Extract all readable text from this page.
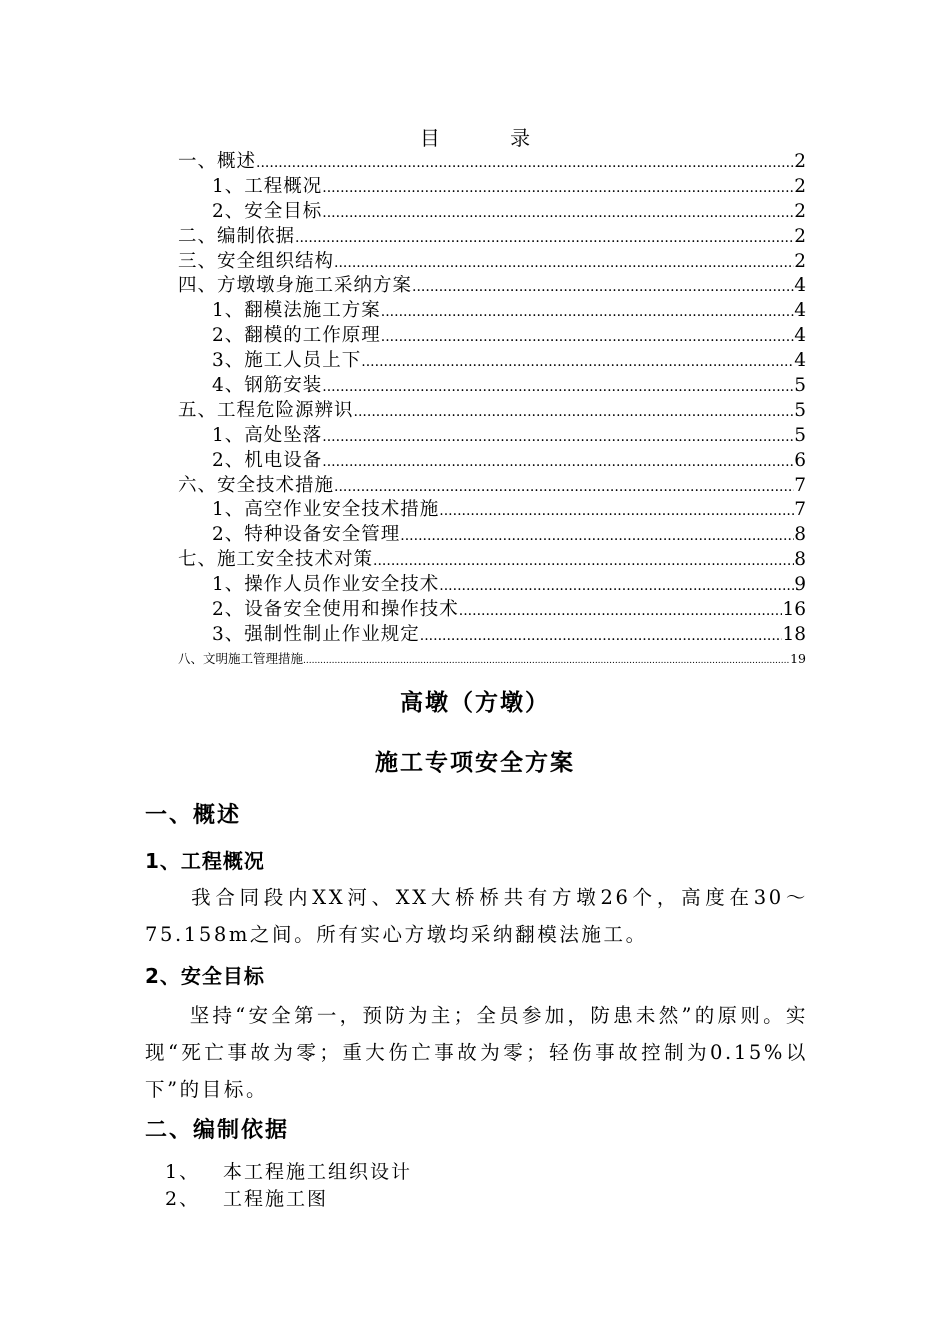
目 录
一、概述 .....	2
1、工程概况 .....	2
2、安全目标 .....	2
二、编制依据 .....	2
三、安全组织结构 .....	2
四、方墩墩身施工采纳方案 .....	4
1、翻模法施工方案 .....	4
2、翻模的工作原理 .....	4
3、施工人员上下 .....	4
4、钢筋安装 .....	5
五、工程危险源辨识 .....	5
1、高处坠落 .....	5
2、机电设备 .....	6
六、安全技术措施 .....	7
1、高空作业安全技术措施 .....	7
2、特种设备安全管理 .....	8
七、施工安全技术对策 .....	8
1、操作人员作业安全技术 .....	9
2、设备安全使用和操作技术 .....	16
3、强制性制止作业规定 .....	18
八、文明施工管理措施 .....	19
高墩（方墩）
施工专项安全方案
一、概述
1、工程概况
我合同段内XX河、XX大桥桥共有方墩26个，高度在30～75.158m之间。所有实心方墩均采纳翻模法施工。
2、安全目标
坚持“安全第一，预防为主；全员参加，防患未然”的原则。实现“死亡事故为零；重大伤亡事故为零；轻伤事故控制为0.15%以下”的目标。
二、编制依据
1、 本工程施工组织设计
2、 工程施工图
